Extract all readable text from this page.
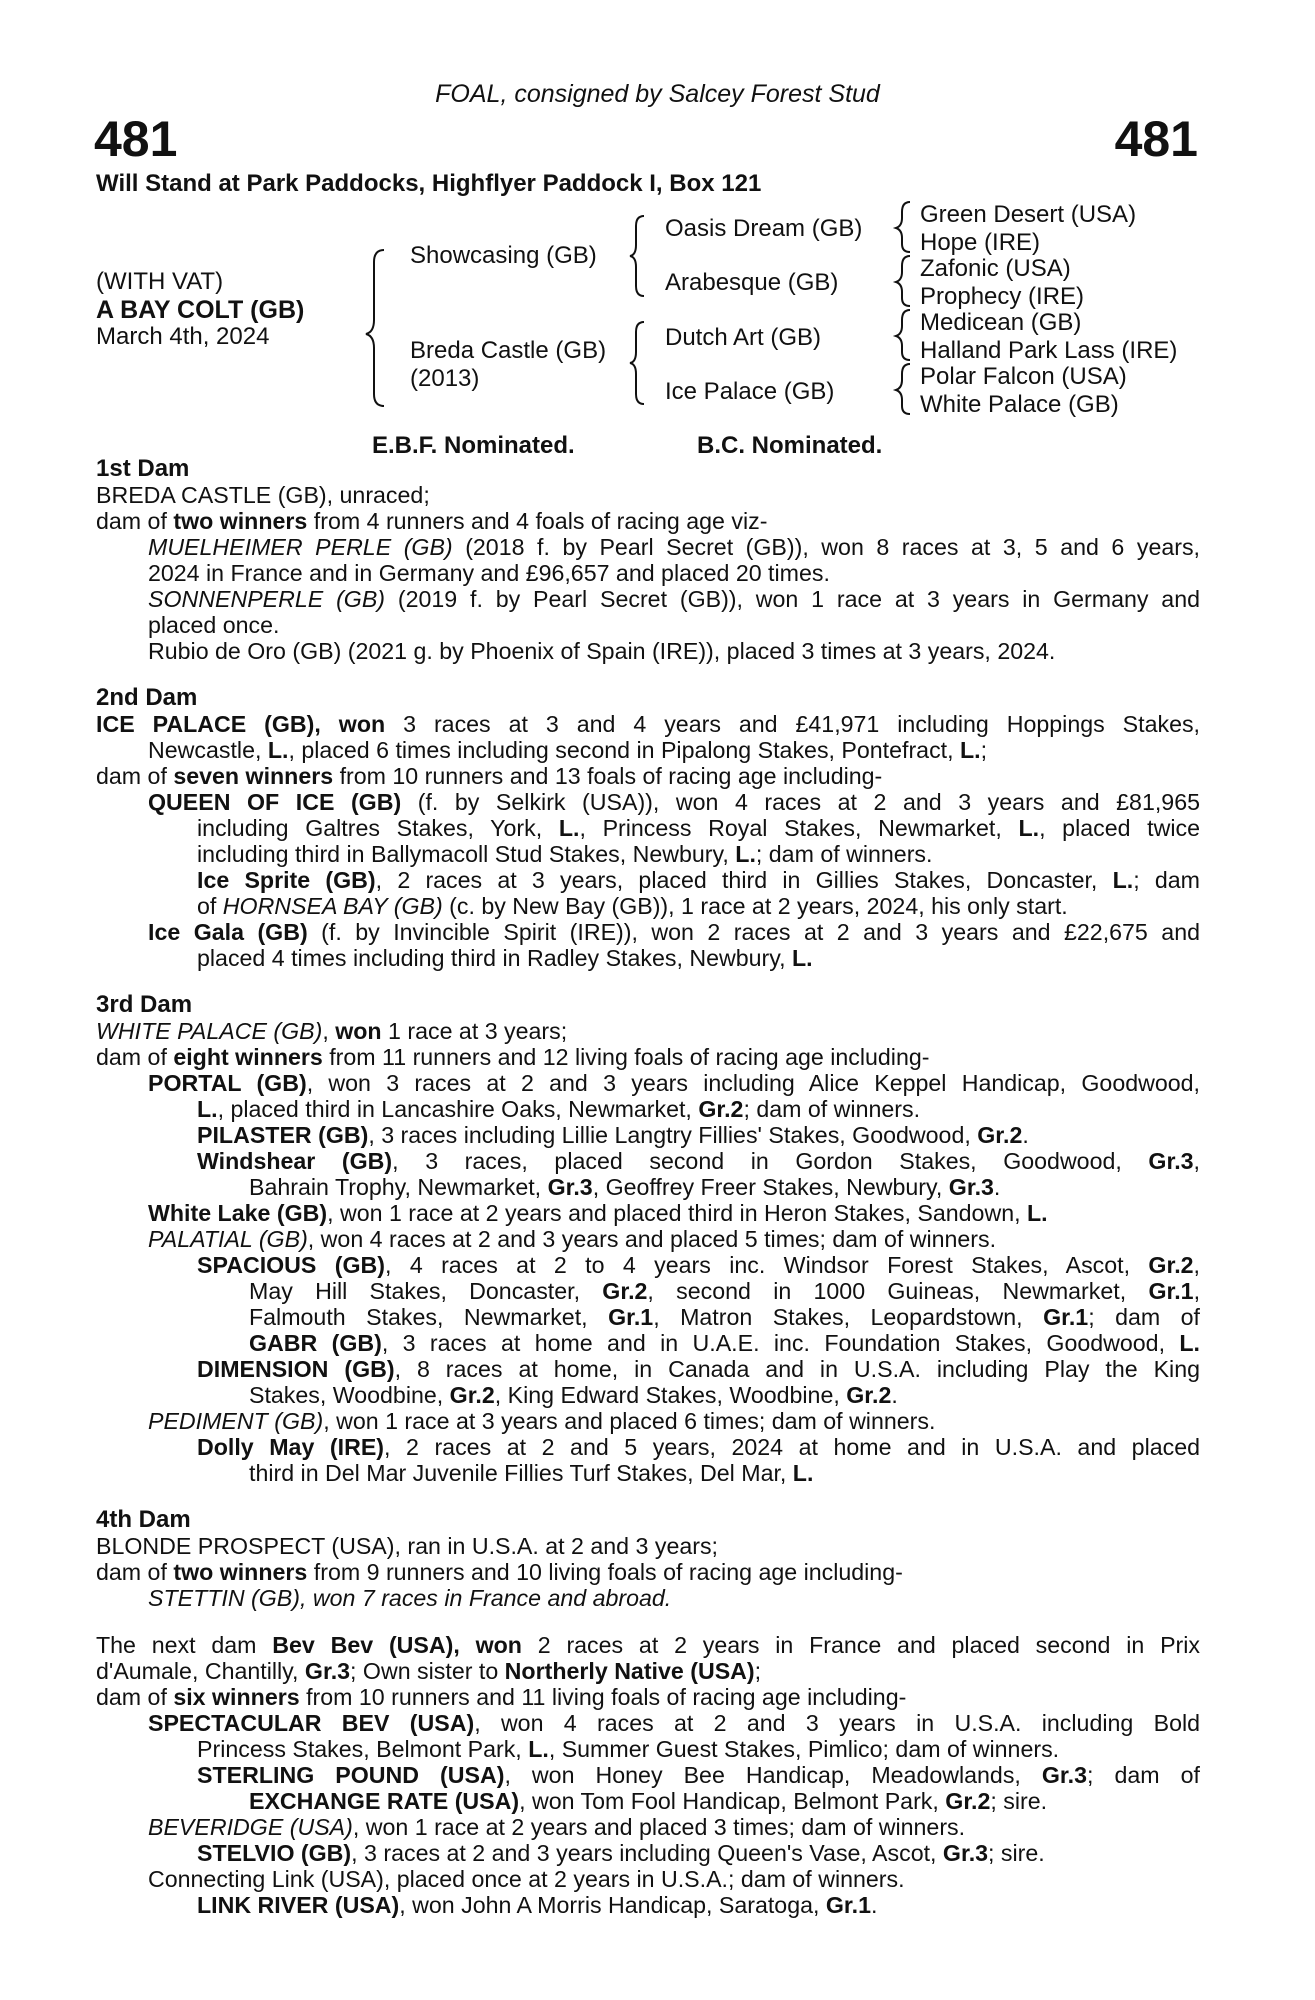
FOAL, consigned by Salcey Forest Stud
481	481
Will Stand at Park Paddocks, Highflyer Paddock I, Box 121
(WITH VAT)
A BAY COLT (GB)
March 4th, 2024
Showcasing (GB)
Breda Castle (GB)
(2013)
Oasis Dream (GB)
Arabesque (GB)
Dutch Art (GB)
Ice Palace (GB)
Green Desert (USA)
Hope (IRE)
Zafonic (USA)
Prophecy (IRE)
Medicean (GB)
Halland Park Lass (IRE)
Polar Falcon (USA)
White Palace (GB)
E.B.F. Nominated.	B.C. Nominated.
1st Dam
BREDA CASTLE (GB), unraced;
dam of two winners from 4 runners and 4 foals of racing age viz-
MUELHEIMER PERLE (GB) (2018 f. by Pearl Secret (GB)), won 8 races at 3, 5 and 6 years,
2024 in France and in Germany and £96,657 and placed 20 times.
SONNENPERLE (GB) (2019 f. by Pearl Secret (GB)), won 1 race at 3 years in Germany and
placed once.
Rubio de Oro (GB) (2021 g. by Phoenix of Spain (IRE)), placed 3 times at 3 years, 2024.
2nd Dam
ICE PALACE (GB), won 3 races at 3 and 4 years and £41,971 including Hoppings Stakes,
Newcastle, L., placed 6 times including second in Pipalong Stakes, Pontefract, L.;
dam of seven winners from 10 runners and 13 foals of racing age including-
QUEEN OF ICE (GB) (f. by Selkirk (USA)), won 4 races at 2 and 3 years and £81,965
including Galtres Stakes, York, L., Princess Royal Stakes, Newmarket, L., placed twice
including third in Ballymacoll Stud Stakes, Newbury, L.; dam of winners.
Ice Sprite (GB), 2 races at 3 years, placed third in Gillies Stakes, Doncaster, L.; dam
of HORNSEA BAY (GB) (c. by New Bay (GB)), 1 race at 2 years, 2024, his only start.
Ice Gala (GB) (f. by Invincible Spirit (IRE)), won 2 races at 2 and 3 years and £22,675 and
placed 4 times including third in Radley Stakes, Newbury, L.
3rd Dam
WHITE PALACE (GB), won 1 race at 3 years;
dam of eight winners from 11 runners and 12 living foals of racing age including-
PORTAL (GB), won 3 races at 2 and 3 years including Alice Keppel Handicap, Goodwood,
L., placed third in Lancashire Oaks, Newmarket, Gr.2; dam of winners.
PILASTER (GB), 3 races including Lillie Langtry Fillies' Stakes, Goodwood, Gr.2.
Windshear (GB), 3 races, placed second in Gordon Stakes, Goodwood, Gr.3,
Bahrain Trophy, Newmarket, Gr.3, Geoffrey Freer Stakes, Newbury, Gr.3.
White Lake (GB), won 1 race at 2 years and placed third in Heron Stakes, Sandown, L.
PALATIAL (GB), won 4 races at 2 and 3 years and placed 5 times; dam of winners.
SPACIOUS (GB), 4 races at 2 to 4 years inc. Windsor Forest Stakes, Ascot, Gr.2,
May Hill Stakes, Doncaster, Gr.2, second in 1000 Guineas, Newmarket, Gr.1,
Falmouth Stakes, Newmarket, Gr.1, Matron Stakes, Leopardstown, Gr.1; dam of
GABR (GB), 3 races at home and in U.A.E. inc. Foundation Stakes, Goodwood, L.
DIMENSION (GB), 8 races at home, in Canada and in U.S.A. including Play the King
Stakes, Woodbine, Gr.2, King Edward Stakes, Woodbine, Gr.2.
PEDIMENT (GB), won 1 race at 3 years and placed 6 times; dam of winners.
Dolly May (IRE), 2 races at 2 and 5 years, 2024 at home and in U.S.A. and placed
third in Del Mar Juvenile Fillies Turf Stakes, Del Mar, L.
4th Dam
BLONDE PROSPECT (USA), ran in U.S.A. at 2 and 3 years;
dam of two winners from 9 runners and 10 living foals of racing age including-
STETTIN (GB), won 7 races in France and abroad.
The next dam Bev Bev (USA), won 2 races at 2 years in France and placed second in Prix
d'Aumale, Chantilly, Gr.3; Own sister to Northerly Native (USA);
dam of six winners from 10 runners and 11 living foals of racing age including-
SPECTACULAR BEV (USA), won 4 races at 2 and 3 years in U.S.A. including Bold
Princess Stakes, Belmont Park, L., Summer Guest Stakes, Pimlico; dam of winners.
STERLING POUND (USA), won Honey Bee Handicap, Meadowlands, Gr.3; dam of
EXCHANGE RATE (USA), won Tom Fool Handicap, Belmont Park, Gr.2; sire.
BEVERIDGE (USA), won 1 race at 2 years and placed 3 times; dam of winners.
STELVIO (GB), 3 races at 2 and 3 years including Queen's Vase, Ascot, Gr.3; sire.
Connecting Link (USA), placed once at 2 years in U.S.A.; dam of winners.
LINK RIVER (USA), won John A Morris Handicap, Saratoga, Gr.1.
